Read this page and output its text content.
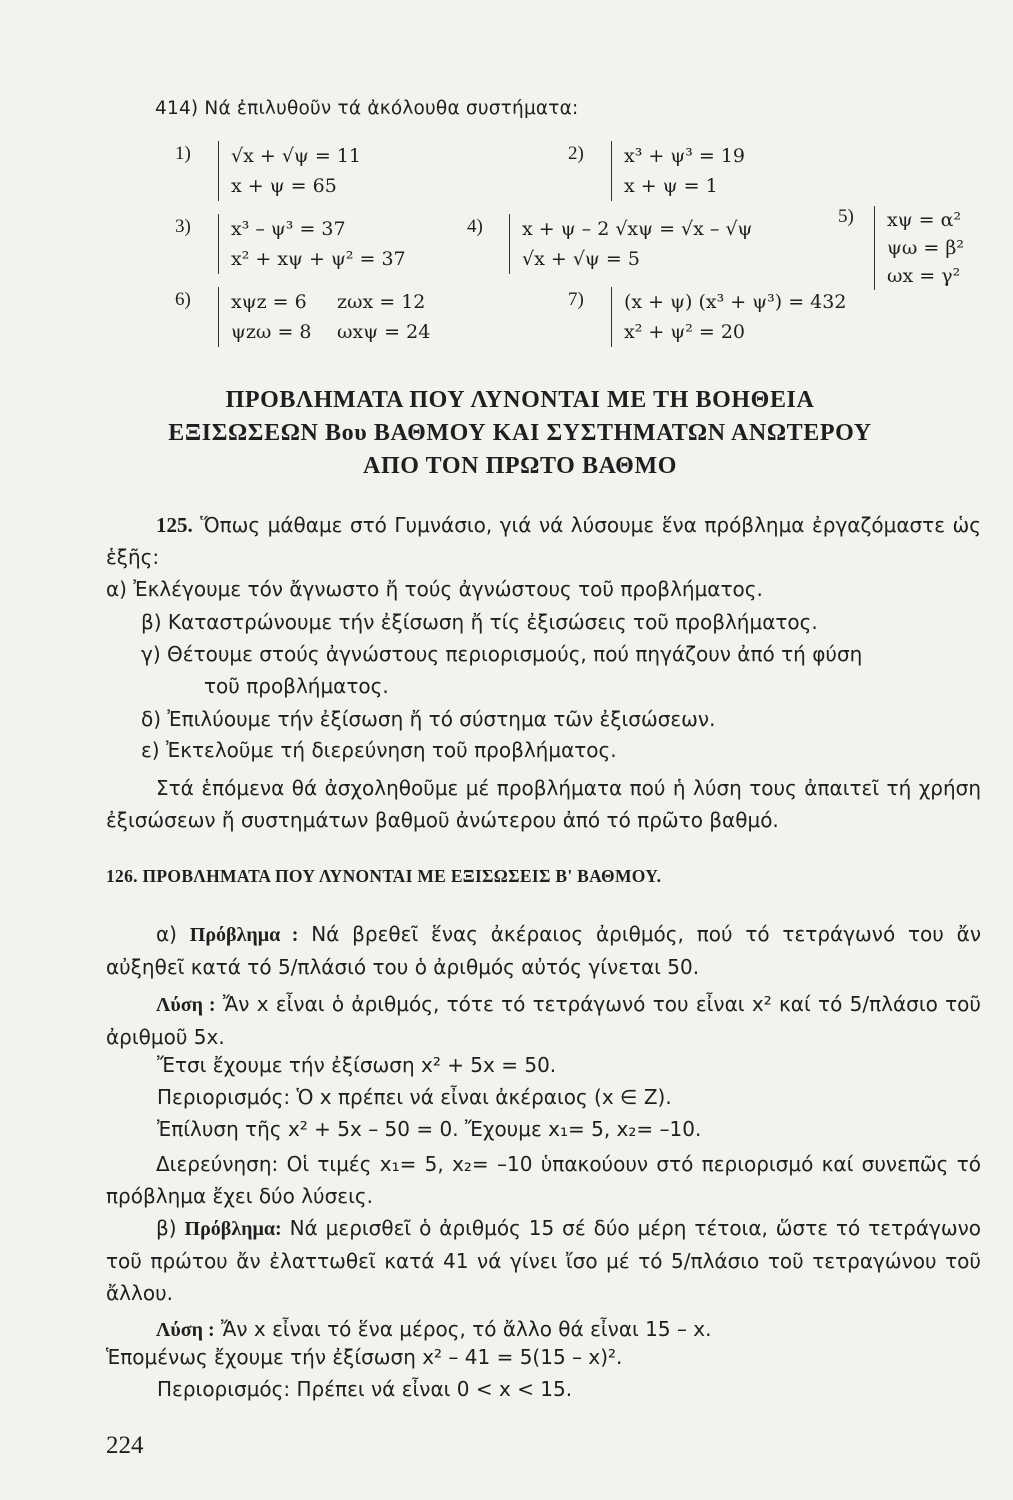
414) Νά ἐπιλυθοῦν τά ἀκόλουθα συστήματα:
1) √x + √ψ = 11
x + ψ = 65
2) x³ + ψ³ = 19
x + ψ = 1
3) x³ – ψ³ = 37
x² + xψ + ψ² = 37
4) x + ψ – 2 √xψ = √x – √ψ
√x + √ψ = 5
5) xψ = α²
ψω = β²
ωx = γ²
6) xψz = 6	zωx = 12
ψzω = 8	ωxψ = 24
7) (x + ψ) (x³ + ψ³) = 432
x² + ψ² = 20
ΠΡΟΒΛΗΜΑΤΑ ΠΟΥ ΛΥΝΟΝΤΑΙ ΜΕ ΤΗ ΒΟΗΘΕΙΑ
ΕΞΙΣΩΣΕΩΝ Βου ΒΑΘΜΟΥ ΚΑΙ ΣΥΣΤΗΜΑΤΩΝ ΑΝΩΤΕΡΟΥ
ΑΠΟ ΤΟΝ ΠΡΩΤΟ ΒΑΘΜΟ
125. Ὅπως μάθαμε στό Γυμνάσιο, γιά νά λύσουμε ἕνα πρόβλημα ἐργαζόμαστε ὡς ἑξῆς:
α) Ἐκλέγουμε τόν ἄγνωστο ἤ τούς ἀγνώστους τοῦ προβλήματος.
β) Καταστρώνουμε τήν ἐξίσωση ἤ τίς ἐξισώσεις τοῦ προβλήματος.
γ) Θέτουμε στούς ἀγνώστους περιορισμούς, πού πηγάζουν ἀπό τή φύση
τοῦ προβλήματος.
δ) Ἐπιλύουμε τήν ἐξίσωση ἤ τό σύστημα τῶν ἐξισώσεων.
ε) Ἐκτελοῦμε τή διερεύνηση τοῦ προβλήματος.
Στά ἑπόμενα θά ἀσχοληθοῦμε μέ προβλήματα πού ἡ λύση τους ἀπαιτεῖ τή χρήση ἐξισώσεων ἤ συστημάτων βαθμοῦ ἀνώτερου ἀπό τό πρῶτο βαθμό.
126. ΠΡΟΒΛΗΜΑΤΑ ΠΟΥ ΛΥΝΟΝΤΑΙ ΜΕ ΕΞΙΣΩΣΕΙΣ Β' ΒΑΘΜΟΥ.
α) Πρόβλημα : Νά βρεθεῖ ἕνας ἀκέραιος ἀριθμός, πού τό τετράγωνό του ἄν αὐξηθεῖ κατά τό 5/πλάσιό του ὁ ἀριθμός αὐτός γίνεται 50.
Λύση : Ἄν x εἶναι ὁ ἀριθμός, τότε τό τετράγωνό του εἶναι x² καί τό 5/πλάσιο τοῦ ἀριθμοῦ 5x.
Ἔτσι ἔχουμε τήν ἐξίσωση x² + 5x = 50.
Περιορισμός: Ὁ x πρέπει νά εἶναι ἀκέραιος (x ∈ Z).
Ἐπίλυση τῆς x² + 5x – 50 = 0. Ἔχουμε x₁= 5, x₂= –10.
Διερεύνηση: Οἱ τιμές x₁= 5, x₂= –10 ὑπακούουν στό περιορισμό καί συνεπῶς τό πρόβλημα ἔχει δύο λύσεις.
β) Πρόβλημα: Νά μερισθεῖ ὁ ἀριθμός 15 σέ δύο μέρη τέτοια, ὥστε τό τετράγωνο τοῦ πρώτου ἄν ἐλαττωθεῖ κατά 41 νά γίνει ἴσο μέ τό 5/πλάσιο τοῦ τετραγώνου τοῦ ἄλλου.
Λύση : Ἄν x εἶναι τό ἕνα μέρος, τό ἄλλο θά εἶναι 15 – x.
Ἑπομένως ἔχουμε τήν ἐξίσωση x² – 41 = 5(15 – x)².
Περιορισμός: Πρέπει νά εἶναι 0 < x < 15.
224
